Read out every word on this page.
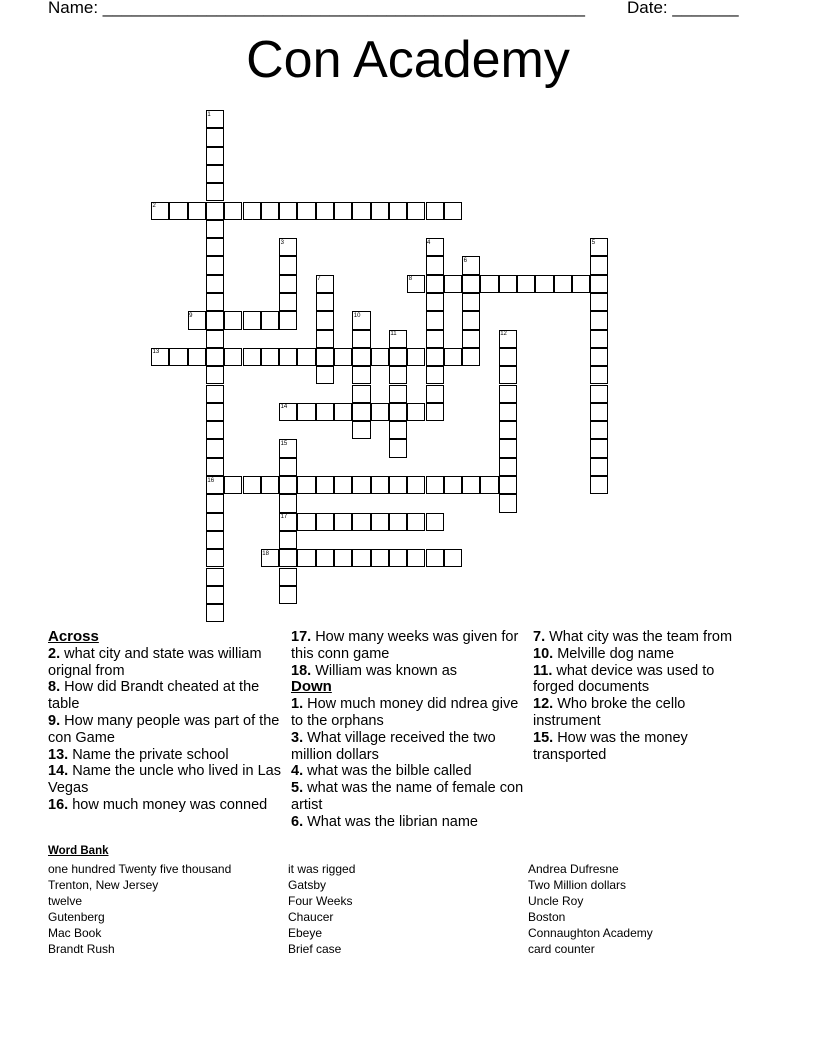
Name: ___________________________________________________ Date: _______
Con Academy
1
2
3	4	5
6
7	8
9	10
11	12
13
14
15
16
17
18
Across
2. what city and state was william orignal from
8. How did Brandt cheated at the table
9. How many people was part of the con Game
13. Name the private school
14. Name the uncle who lived in Las Vegas
16. how much money was conned
17. How many weeks was given for this conn game
18. William was known as
Down
1. How much money did ndrea give to the orphans
3. What village received the two million dollars
4. what was the bilble called
5. what was the name of female con artist
6. What was the librian name
7. What city was the team from
10. Melville dog name
11. what device was used to forged documents
12. Who broke the cello instrument
15. How was the money transported
Word Bank
one hundred Twenty five thousand
Trenton, New Jersey
twelve
Gutenberg
Mac Book
Brandt Rush
it was rigged
Gatsby
Four Weeks
Chaucer
Ebeye
Brief case
Andrea Dufresne
Two Million dollars
Uncle Roy
Boston
Connaughton Academy
card counter
